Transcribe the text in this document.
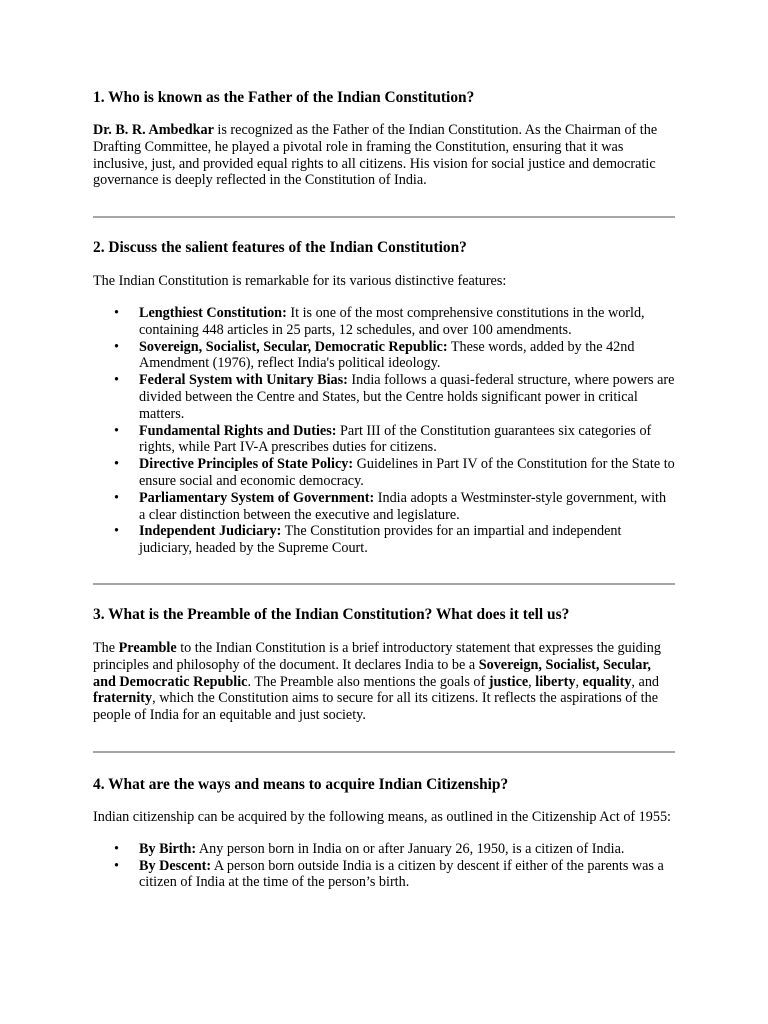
1. Who is known as the Father of the Indian Constitution?

Dr. B. R. Ambedkar is recognized as the Father of the Indian Constitution. As the Chairman of the Drafting Committee, he played a pivotal role in framing the Constitution, ensuring that it was inclusive, just, and provided equal rights to all citizens. His vision for social justice and democratic governance is deeply reflected in the Constitution of India.

2. Discuss the salient features of the Indian Constitution?

The Indian Constitution is remarkable for its various distinctive features:

• Lengthiest Constitution: It is one of the most comprehensive constitutions in the world, containing 448 articles in 25 parts, 12 schedules, and over 100 amendments.
• Sovereign, Socialist, Secular, Democratic Republic: These words, added by the 42nd Amendment (1976), reflect India's political ideology.
• Federal System with Unitary Bias: India follows a quasi-federal structure, where powers are divided between the Centre and States, but the Centre holds significant power in critical matters.
• Fundamental Rights and Duties: Part III of the Constitution guarantees six categories of rights, while Part IV-A prescribes duties for citizens.
• Directive Principles of State Policy: Guidelines in Part IV of the Constitution for the State to ensure social and economic democracy.
• Parliamentary System of Government: India adopts a Westminster-style government, with a clear distinction between the executive and legislature.
• Independent Judiciary: The Constitution provides for an impartial and independent judiciary, headed by the Supreme Court.
3. What is the Preamble of the Indian Constitution? What does it tell us?

The Preamble to the Indian Constitution is a brief introductory statement that expresses the guiding principles and philosophy of the document. It declares India to be a Sovereign, Socialist, Secular, and Democratic Republic. The Preamble also mentions the goals of justice, liberty, equality, and fraternity, which the Constitution aims to secure for all its citizens. It reflects the aspirations of the people of India for an equitable and just society.

4. What are the ways and means to acquire Indian Citizenship?

Indian citizenship can be acquired by the following means, as outlined in the Citizenship Act of 1955:

• By Birth: Any person born in India on or after January 26, 1950, is a citizen of India.
• By Descent: A person born outside India is a citizen by descent if either of the parents was a citizen of India at the time of the person’s birth.
